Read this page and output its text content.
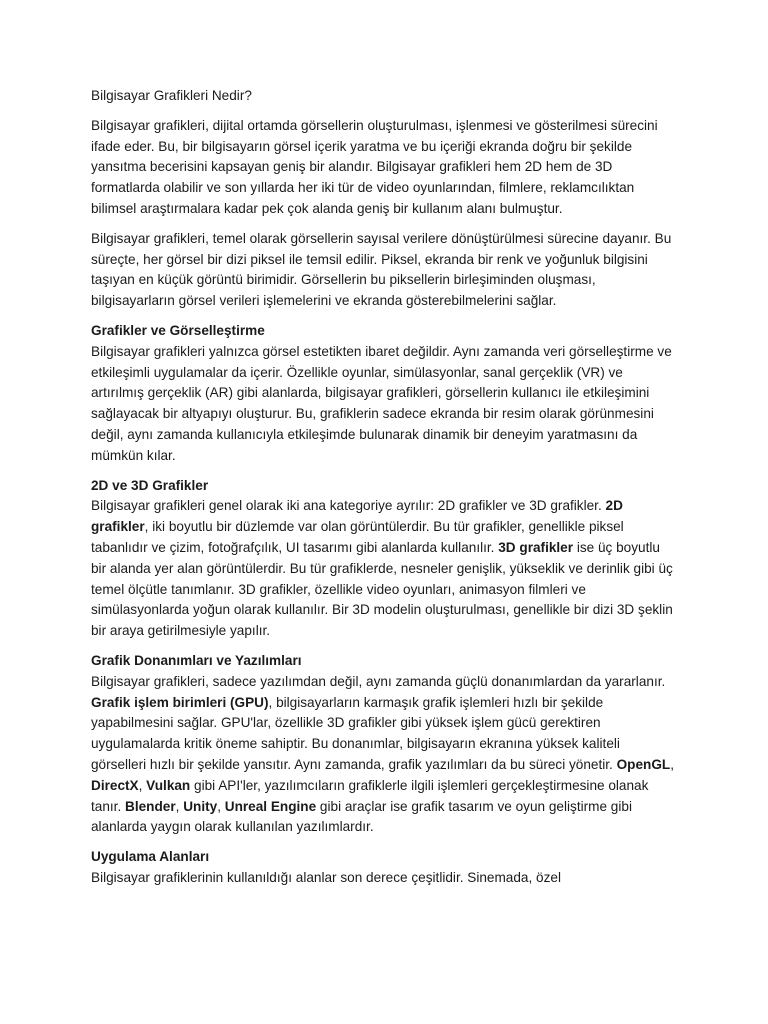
Bilgisayar Grafikleri Nedir?

Bilgisayar grafikleri, dijital ortamda görsellerin oluşturulması, işlenmesi ve gösterilmesi sürecini ifade eder. Bu, bir bilgisayarın görsel içerik yaratma ve bu içeriği ekranda doğru bir şekilde yansıtma becerisini kapsayan geniş bir alandır. Bilgisayar grafikleri hem 2D hem de 3D formatlarda olabilir ve son yıllarda her iki tür de video oyunlarından, filmlere, reklamcılıktan bilimsel araştırmalara kadar pek çok alanda geniş bir kullanım alanı bulmuştur.

Bilgisayar grafikleri, temel olarak görsellerin sayısal verilere dönüştürülmesi sürecine dayanır. Bu süreçte, her görsel bir dizi piksel ile temsil edilir. Piksel, ekranda bir renk ve yoğunluk bilgisini taşıyan en küçük görüntü birimidir. Görsellerin bu piksellerin birleşiminden oluşması, bilgisayarların görsel verileri işlemelerini ve ekranda gösterebilmelerini sağlar.

Grafikler ve Görselleştirme

Bilgisayar grafikleri yalnızca görsel estetikten ibaret değildir. Aynı zamanda veri görselleştirme ve etkileşimli uygulamalar da içerir. Özellikle oyunlar, simülasyonlar, sanal gerçeklik (VR) ve artırılmış gerçeklik (AR) gibi alanlarda, bilgisayar grafikleri, görsellerin kullanıcı ile etkileşimini sağlayacak bir altyapıyı oluşturur. Bu, grafiklerin sadece ekranda bir resim olarak görünmesini değil, aynı zamanda kullanıcıyla etkileşimde bulunarak dinamik bir deneyim yaratmasını da mümkün kılar.

2D ve 3D Grafikler

Bilgisayar grafikleri genel olarak iki ana kategoriye ayrılır: 2D grafikler ve 3D grafikler. 2D grafikler, iki boyutlu bir düzlemde var olan görüntülerdir. Bu tür grafikler, genellikle piksel tabanlıdır ve çizim, fotoğrafçılık, UI tasarımı gibi alanlarda kullanılır. 3D grafikler ise üç boyutlu bir alanda yer alan görüntülerdir. Bu tür grafiklerde, nesneler genişlik, yükseklik ve derinlik gibi üç temel ölçütle tanımlanır. 3D grafikler, özellikle video oyunları, animasyon filmleri ve simülasyonlarda yoğun olarak kullanılır. Bir 3D modelin oluşturulması, genellikle bir dizi 3D şeklin bir araya getirilmesiyle yapılır.

Grafik Donanımları ve Yazılımları

Bilgisayar grafikleri, sadece yazılımdan değil, aynı zamanda güçlü donanımlardan da yararlanır. Grafik işlem birimleri (GPU), bilgisayarların karmaşık grafik işlemleri hızlı bir şekilde yapabilmesini sağlar. GPU'lar, özellikle 3D grafikler gibi yüksek işlem gücü gerektiren uygulamalarda kritik öneme sahiptir. Bu donanımlar, bilgisayarın ekranına yüksek kaliteli görselleri hızlı bir şekilde yansıtır. Aynı zamanda, grafik yazılımları da bu süreci yönetir. OpenGL, DirectX, Vulkan gibi API'ler, yazılımcıların grafiklerle ilgili işlemleri gerçekleştirmesine olanak tanır. Blender, Unity, Unreal Engine gibi araçlar ise grafik tasarım ve oyun geliştirme gibi alanlarda yaygın olarak kullanılan yazılımlardır.

Uygulama Alanları

Bilgisayar grafiklerinin kullanıldığı alanlar son derece çeşitlidir. Sinemada, özel
